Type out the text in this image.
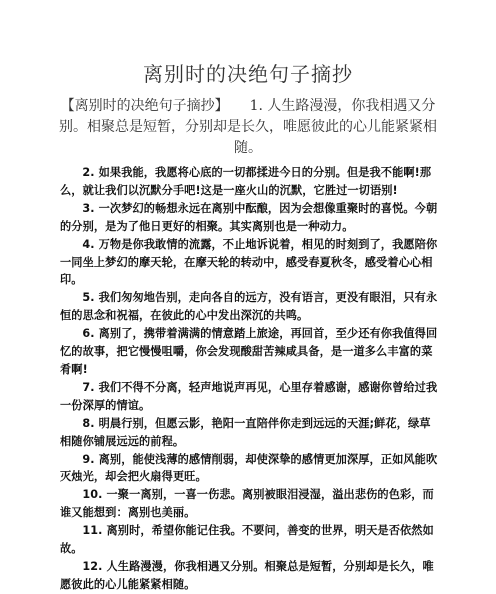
离别时的决绝句子摘抄
【离别时的决绝句子摘抄】　　1. 人生路漫漫，你我相遇又分别。相聚总是短暂，分别却是长久，唯愿彼此的心儿能紧紧相随。

2. 如果我能，我愿将心底的一切都揉进今日的分别。但是我不能啊!那么，就让我们以沉默分手吧!这是一座火山的沉默，它胜过一切语别!

3. 一次梦幻的畅想永远在离别中酝酿，因为会想像重聚时的喜悦。今朝的分别，是为了他日更好的相聚。其实离别也是一种动力。

4. 万物是你我敢情的流露，不止地诉说着，相见的时刻到了，我愿陪你一同坐上梦幻的摩天轮，在摩天轮的转动中，感受春夏秋冬，感受着心心相印。

5. 我们匆匆地告别，走向各自的远方，没有语言，更没有眼泪，只有永恒的思念和祝福，在彼此的心中发出深沉的共鸣。

6. 离别了，携带着满满的情意踏上旅途，再回首，至少还有你我值得回忆的故事，把它慢慢咀嚼，你会发现酸甜苦辣咸具备，是一道多么丰富的菜肴啊!

7. 我们不得不分离，轻声地说声再见，心里存着感谢，感谢你曾给过我一份深厚的情谊。

8. 明晨行别，但愿云影，艳阳一直陪伴你走到远远的天涯;鲜花，绿草相随你铺展远远的前程。

9. 离别，能使浅薄的感情削弱，却使深挚的感情更加深厚，正如风能吹灭烛光，却会把火扇得更旺。

10. 一聚一离别，一喜一伤悲。离别被眼泪浸湿，溢出悲伤的色彩，而谁又能想到：离别也美丽。

11. 离别时，希望你能记住我。不要问，善变的世界，明天是否依然如故。

12. 人生路漫漫，你我相遇又分别。相聚总是短暂，分别却是长久，唯愿彼此的心儿能紧紧相随。
